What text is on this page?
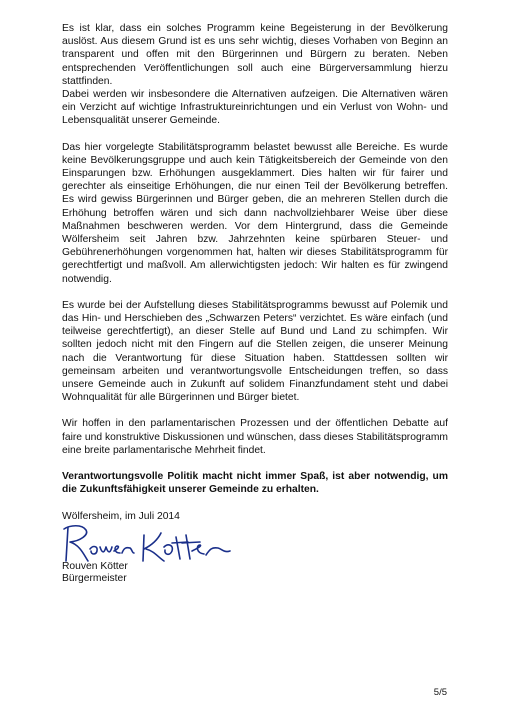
Es ist klar, dass ein solches Programm keine Begeisterung in der Bevölkerung auslöst. Aus diesem Grund ist es uns sehr wichtig, dieses Vorhaben von Beginn an transparent und offen mit den Bürgerinnen und Bürgern zu beraten. Neben entsprechenden Veröffentlichungen soll auch eine Bürgerversammlung hierzu stattfinden.

Dabei werden wir insbesondere die Alternativen aufzeigen. Die Alternativen wären ein Verzicht auf wichtige Infrastruktureinrichtungen und ein Verlust von Wohn- und Lebensqualität unserer Gemeinde.

Das hier vorgelegte Stabilitätsprogramm belastet bewusst alle Bereiche. Es wurde keine Bevölkerungsgruppe und auch kein Tätigkeitsbereich der Gemeinde von den Einsparungen bzw. Erhöhungen ausgeklammert. Dies halten wir für fairer und gerechter als einseitige Erhöhungen, die nur einen Teil der Bevölkerung betreffen. Es wird gewiss Bürgerinnen und Bürger geben, die an mehreren Stellen durch die Erhöhung betroffen wären und sich dann nachvollziehbarer Weise über diese Maßnahmen beschweren werden. Vor dem Hintergrund, dass die Gemeinde Wölfersheim seit Jahren bzw. Jahrzehnten keine spürbaren Steuer- und Gebührenerhöhungen vorgenommen hat, halten wir dieses Stabilitätsprogramm für gerechtfertigt und maßvoll. Am allerwichtigsten jedoch: Wir halten es für zwingend notwendig.

Es wurde bei der Aufstellung dieses Stabilitätsprogramms bewusst auf Polemik und das Hin- und Herschieben des „Schwarzen Peters“ verzichtet. Es wäre einfach (und teilweise gerechtfertigt), an dieser Stelle auf Bund und Land zu schimpfen. Wir sollten jedoch nicht mit den Fingern auf die Stellen zeigen, die unserer Meinung nach die Verantwortung für diese Situation haben. Stattdessen sollten wir gemeinsam arbeiten und verantwortungsvolle Entscheidungen treffen, so dass unsere Gemeinde auch in Zukunft auf solidem Finanzfundament steht und dabei Wohnqualität für alle Bürgerinnen und Bürger bietet.

Wir hoffen in den parlamentarischen Prozessen und der öffentlichen Debatte auf faire und konstruktive Diskussionen und wünschen, dass dieses Stabilitätsprogramm eine breite parlamentarische Mehrheit findet.

Verantwortungsvolle Politik macht nicht immer Spaß, ist aber notwendig, um die Zukunftsfähigkeit unserer Gemeinde zu erhalten.

Wölfersheim, im Juli 2014
Rouven Kötter
Bürgermeister
5/5
